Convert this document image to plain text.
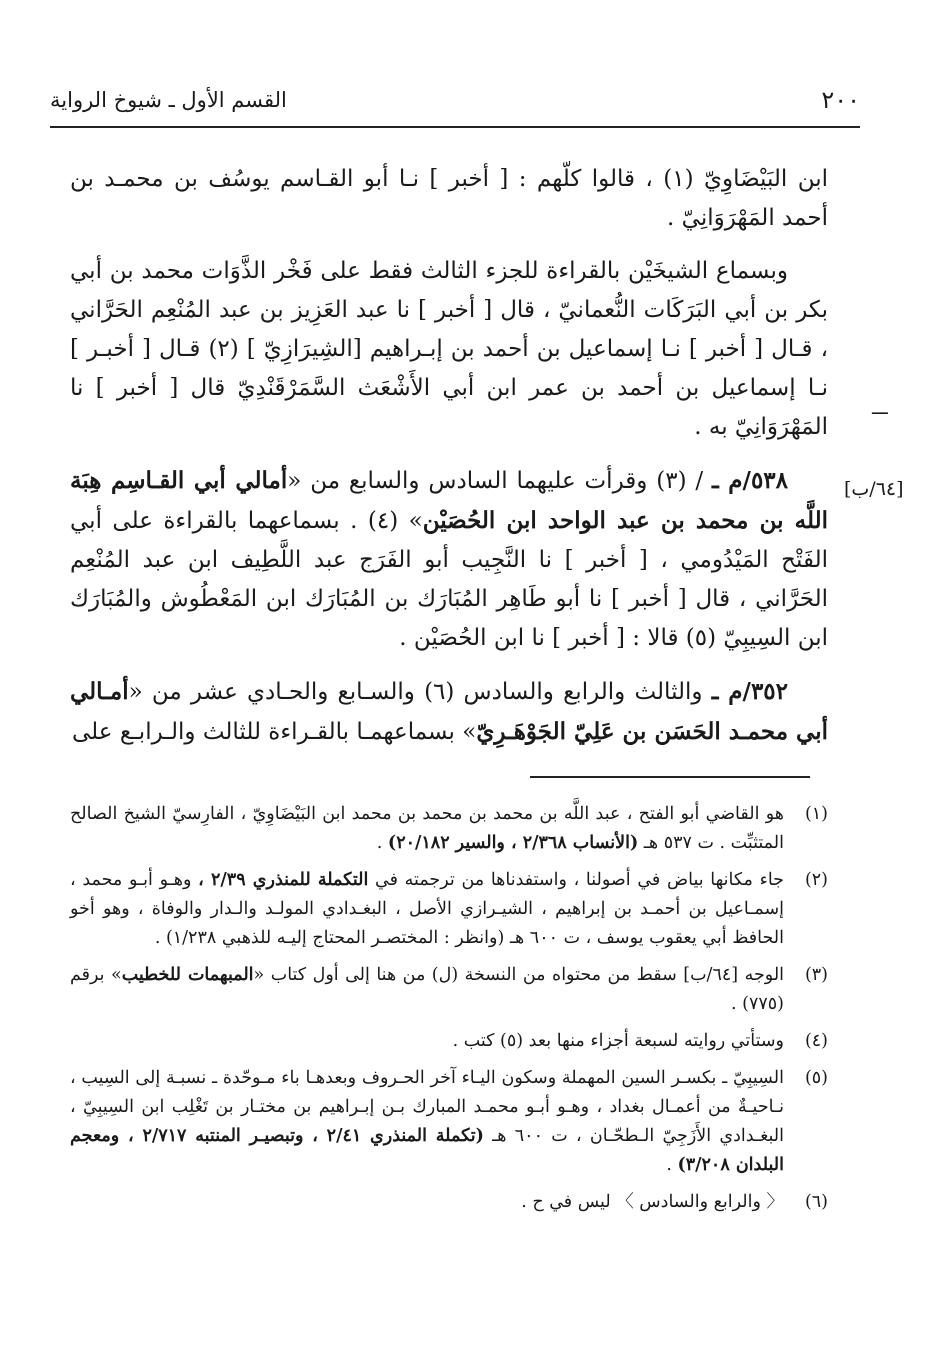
٢٠٠
القسم الأول ـ شيوخ الرواية
ـــ
[٦٤/ب]

ابن البَيْضَاوِيّ (١) ، قالوا كلّهم : [ أخبر ] نـا أبو القـاسم يوسُف بن محمـد بن أحمد المَهْرَوَانِيّ .

وبسماع الشيخَيْن بالقراءة للجزء الثالث فقط على فَخْر الذَّوَات محمد بن أبي بكر بن أبي البَرَكَات النُّعمانيّ ، قال [ أخبر ] نا عبد العَزِيز بن عبد المُنْعِم الحَرَّاني ، قـال [ أخبر ] نـا إسماعيل بن أحمد بن إبـراهيم [الشِيرَازِيّ ] (٢) قـال [ أخبـر ] نـا إسماعيل بن أحمد بن عمر ابن أبي الأَشْعَث السَّمَرْقَنْدِيّ قال [ أخبر ] نا المَهْرَوَانِيّ به .

٥٣٨/م ـ / (٣) وقرأت عليهما السادس والسابع من «أمالي أبي القـاسِم هِبَة اللَّه بن محمد بن عبد الواحد ابن الحُصَيْن» (٤) . بسماعهما بالقراءة على أبي الفَتْح المَيْدُومي ، [ أخبر ] نا النَّجِيب أبو الفَرَج عبد اللَّطِيف ابن عبد المُنْعِم الحَرَّاني ، قال [ أخبر ] نا أبو طَاهِر المُبَارَك بن المُبَارَك ابن المَعْطُوش والمُبَارَك ابن السِيبِيّ (٥) قالا : [ أخبر ] نا ابن الحُصَيْن .

٣٥٢/م ـ والثالث والرابع والسادس (٦) والسـابع والحـادي عشر من «أمـالي أبي محمـد الحَسَن بن عَلِيّ الجَوْهَـرِيّ» بسماعهمـا بالقـراءة للثالث والـرابـع على

(١)
هو القاضي أبو الفتح ، عبد اللَّه بن محمد بن محمد بن محمد ابن البَيْضَاوِيّ ، الفارِسيّ الشيخ الصالح المتثبِّت . ت ٥٣٧ هـ (الأنساب ٢/٣٦٨ ، والسير ٢٠/١٨٢) .
(٢)
جاء مكانها بياض في أصولنا ، واستفدناها من ترجمته في التكملة للمنذري ٢/٣٩ ، وهـو أبـو محمد ، إسمـاعيل بن أحمـد بن إبراهيم ، الشيـرازي الأصل ، البغـدادي المولـد والـدار والوفاة ، وهو أخو الحافظ أبي يعقوب يوسف ، ت ٦٠٠ هـ (وانظر : المختصـر المحتاج إليـه للذهبي ١/٢٣٨) .
(٣)
الوجه [٦٤/ب] سقط من محتواه من النسخة (ل) من هنا إلى أول كتاب «المبهمات للخطيب» برقم (٧٧٥) .
(٤)
وستأتي روايته لسبعة أجزاء منها بعد (٥) كتب .
(٥)
السِيبِيّ ـ بكسـر السين المهملة وسكون اليـاء آخر الحـروف وبعدهـا باء مـوحّدة ـ نسبـة إلى السِيب ، نـاحيـةٌ من أعمـال بغداد ، وهـو أبـو محمـد المبارك بـن إبـراهيم بن مختـار بن تَغْلِب ابن السِيبِيّ ، البغـدادي الأَزَجِيّ الـطحّـان ، ت ٦٠٠ هـ (تكملة المنذري ٢/٤١ ، وتبصيـر المنتبه ٢/٧١٧ ، ومعجم البلدان ٣/٢٠٨) .
(٦)
〈 والرابع والسادس 〉 ليس في ح .
